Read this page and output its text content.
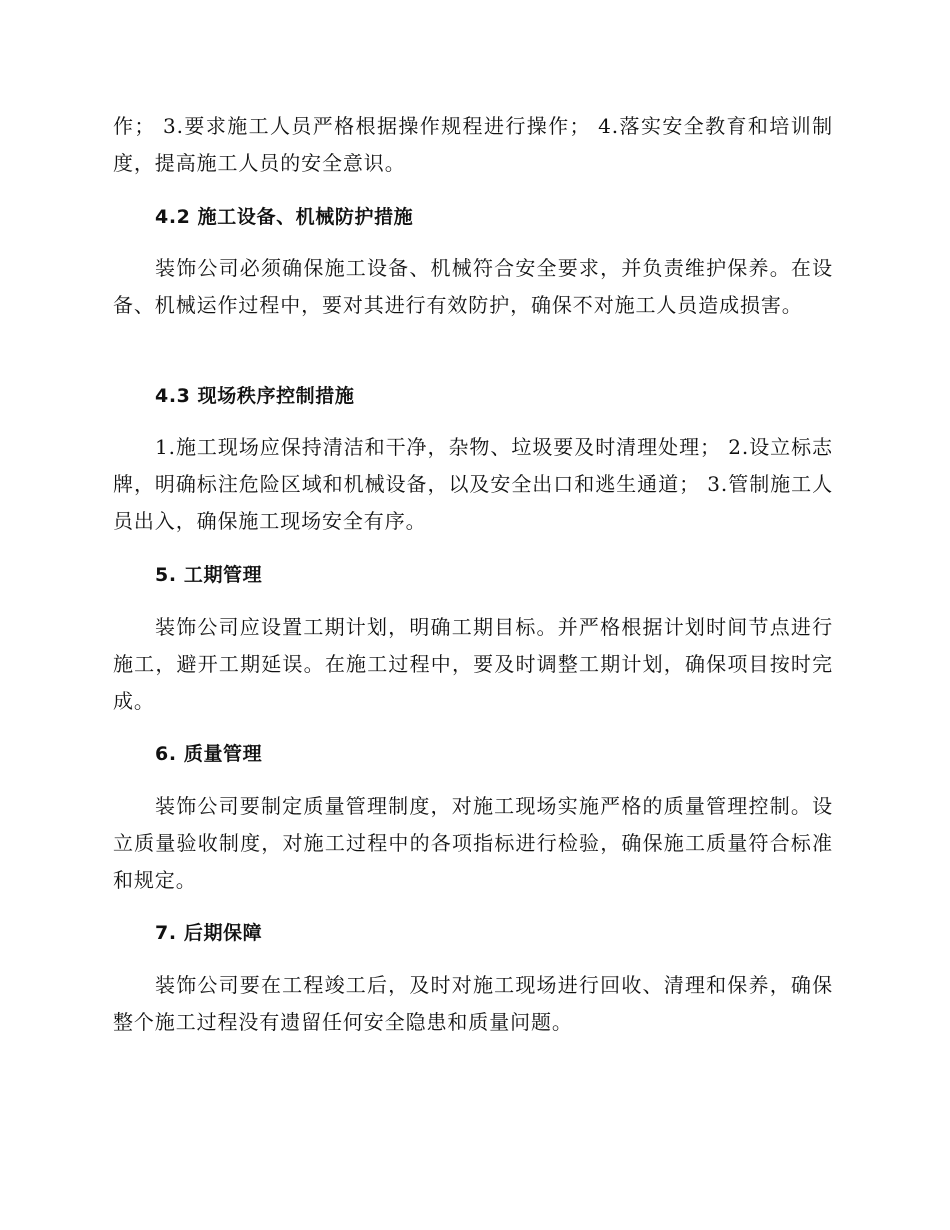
作； 3.要求施工人员严格根据操作规程进行操作； 4.落实安全教育和培训制度，提高施工人员的安全意识。

4.2 施工设备、机械防护措施

装饰公司必须确保施工设备、机械符合安全要求，并负责维护保养。在设备、机械运作过程中，要对其进行有效防护，确保不对施工人员造成损害。

4.3 现场秩序控制措施

1.施工现场应保持清洁和干净，杂物、垃圾要及时清理处理； 2.设立标志牌，明确标注危险区域和机械设备，以及安全出口和逃生通道； 3.管制施工人员出入，确保施工现场安全有序。

5. 工期管理

装饰公司应设置工期计划，明确工期目标。并严格根据计划时间节点进行施工，避开工期延误。在施工过程中，要及时调整工期计划，确保项目按时完成。

6. 质量管理

装饰公司要制定质量管理制度，对施工现场实施严格的质量管理控制。设立质量验收制度，对施工过程中的各项指标进行检验，确保施工质量符合标准和规定。

7. 后期保障

装饰公司要在工程竣工后，及时对施工现场进行回收、清理和保养，确保整个施工过程没有遗留任何安全隐患和质量问题。
